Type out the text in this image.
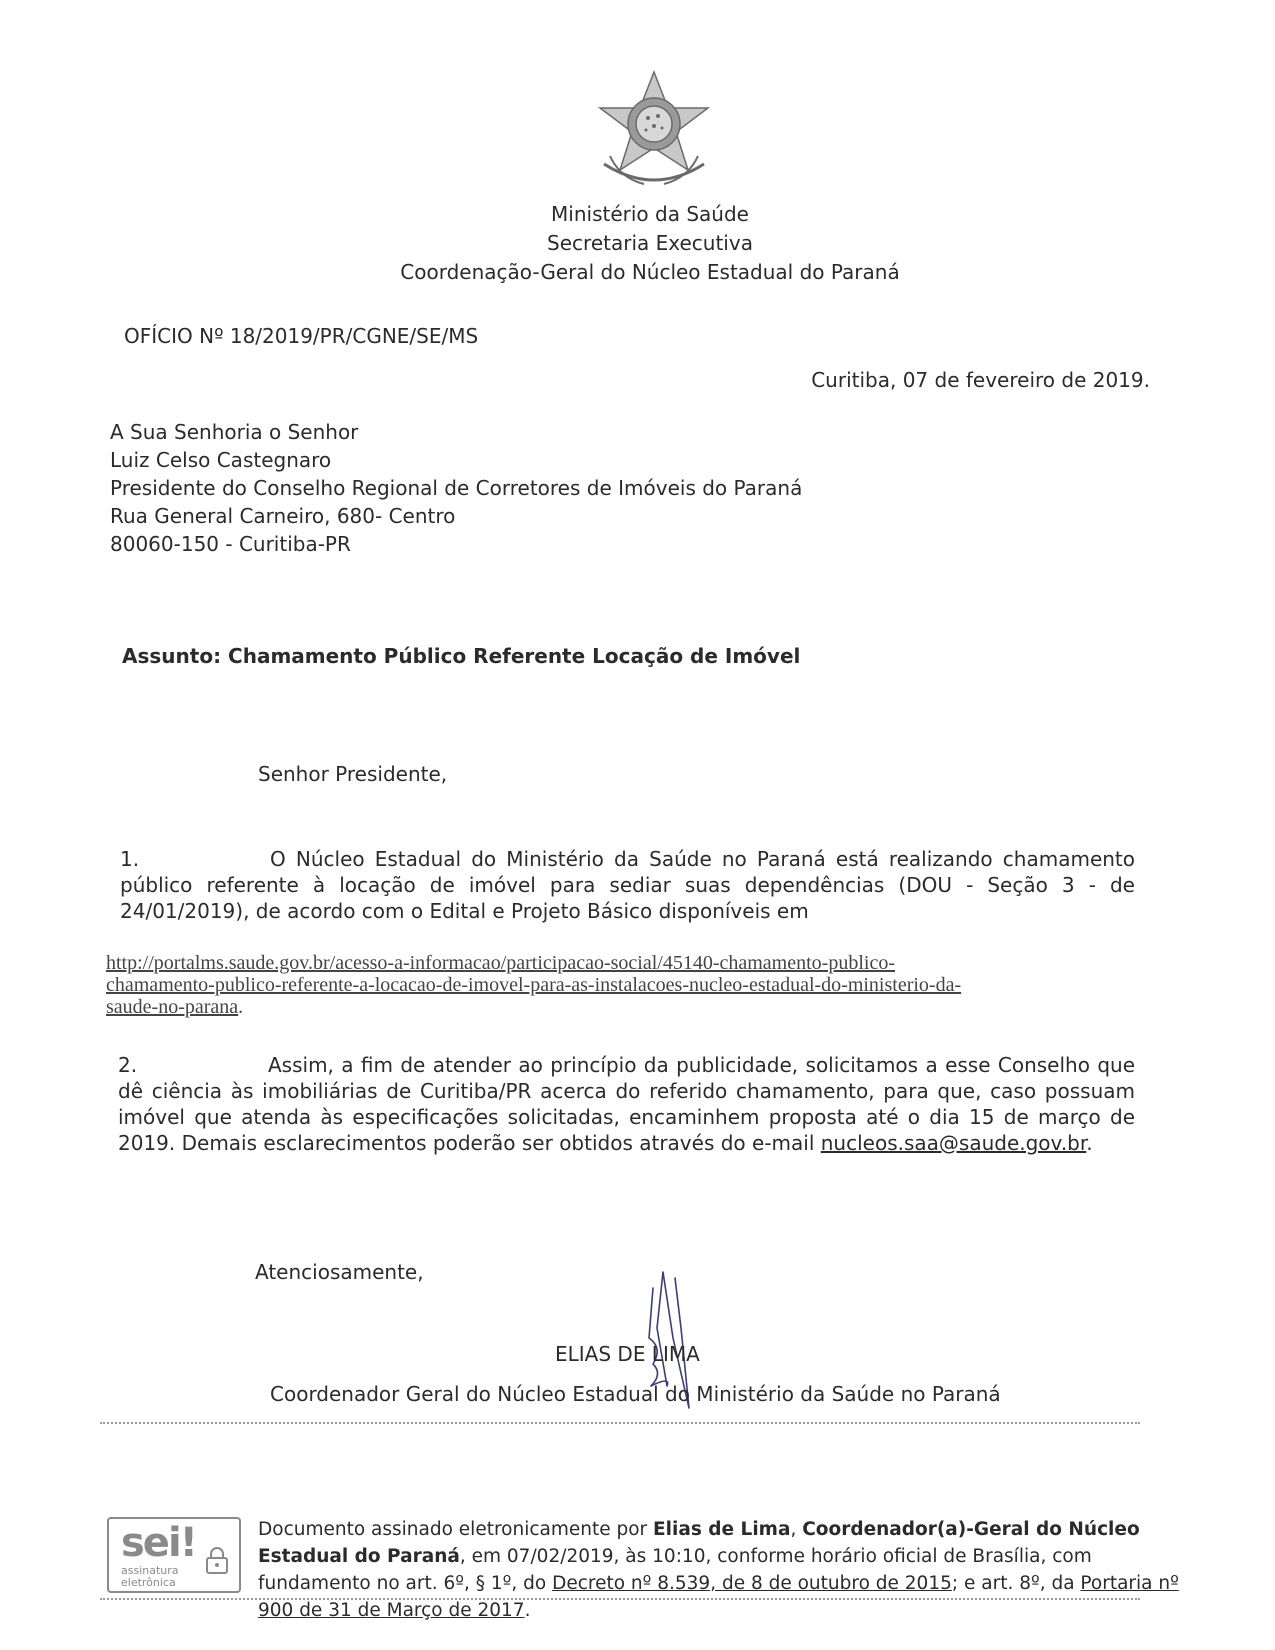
Ministério da Saúde
Secretaria Executiva
Coordenação-Geral do Núcleo Estadual do Paraná
OFÍCIO Nº 18/2019/PR/CGNE/SE/MS
Curitiba, 07 de fevereiro de 2019.
A Sua Senhoria o Senhor
Luiz Celso Castegnaro
Presidente do Conselho Regional de Corretores de Imóveis do Paraná
Rua General Carneiro, 680- Centro
80060-150 - Curitiba-PR
Assunto: Chamamento Público Referente Locação de Imóvel
Senhor Presidente,
1.	O Núcleo Estadual do Ministério da Saúde no Paraná está realizando chamamento público referente à locação de imóvel para sediar suas dependências (DOU - Seção 3 - de 24/01/2019), de acordo com o Edital e Projeto Básico disponíveis em
http://portalms.saude.gov.br/acesso-a-informacao/participacao-social/45140-chamamento-publico-
chamamento-publico-referente-a-locacao-de-imovel-para-as-instalacoes-nucleo-estadual-do-ministerio-da-
saude-no-parana.
2.	Assim, a fim de atender ao princípio da publicidade, solicitamos a esse Conselho que dê ciência às imobiliárias de Curitiba/PR acerca do referido chamamento, para que, caso possuam imóvel que atenda às especificações solicitadas, encaminhem proposta até o dia 15 de março de 2019. Demais esclarecimentos poderão ser obtidos através do e-mail nucleos.saa@saude.gov.br.
Atenciosamente,
ELIAS DE LIMA
Coordenador Geral do Núcleo Estadual do Ministério da Saúde no Paraná
sei!
assinatura
eletrônica
Documento assinado eletronicamente por Elias de Lima, Coordenador(a)-Geral do Núcleo Estadual do Paraná, em 07/02/2019, às 10:10, conforme horário oficial de Brasília, com fundamento no art. 6º, § 1º, do Decreto nº 8.539, de 8 de outubro de 2015; e art. 8º, da Portaria nº 900 de 31 de Março de 2017.
